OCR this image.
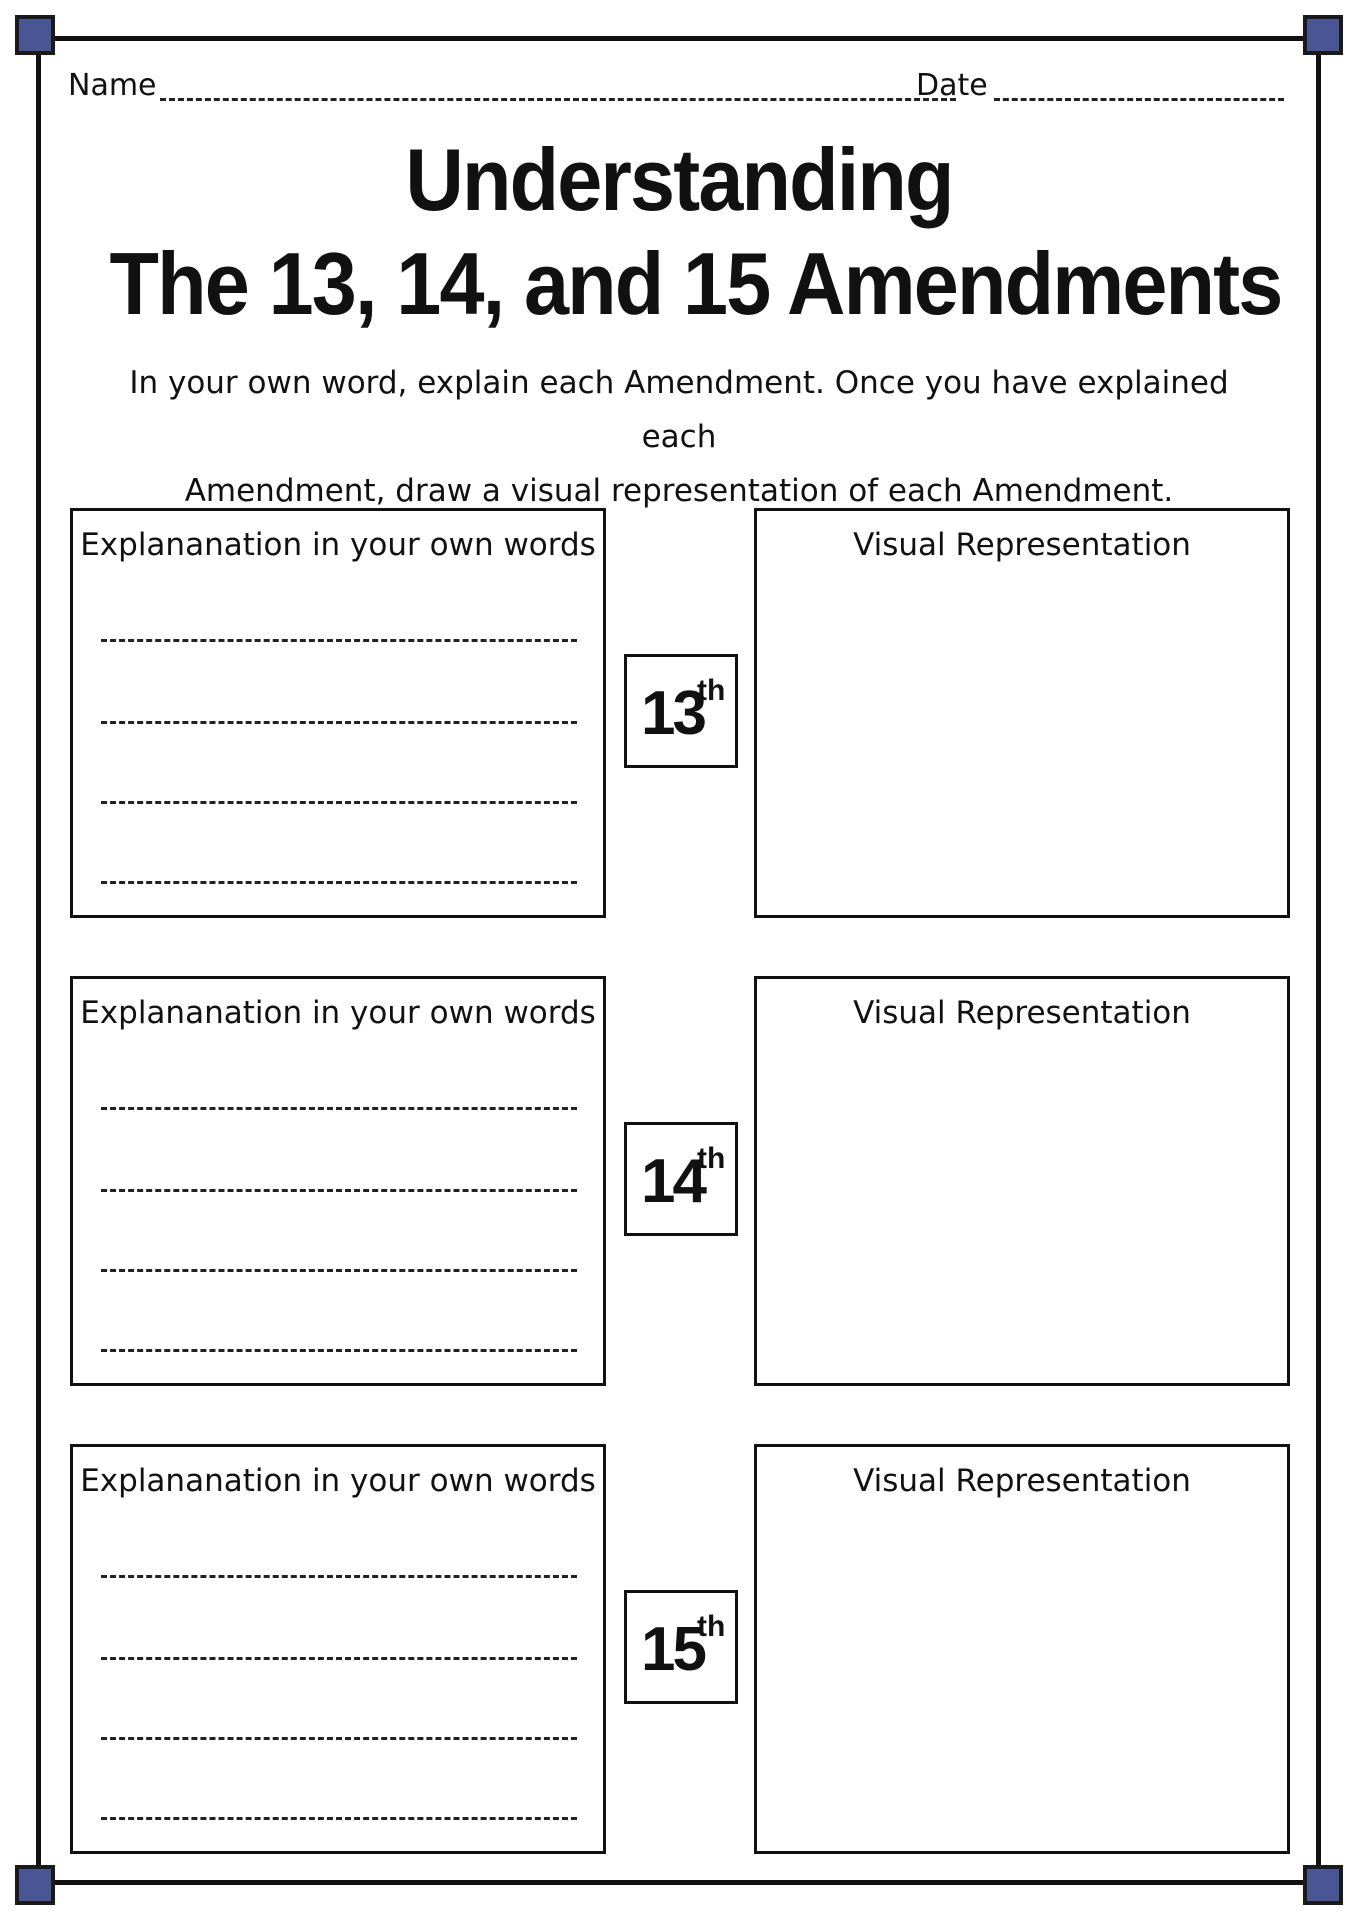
Name	Date
Understanding
The 13, 14, and 15 Amendments
In your own word, explain each Amendment. Once you have explained each
Amendment, draw a visual representation of each Amendment.
Explananation in your own words
13
th
Visual Representation
Explananation in your own words
14
th
Visual Representation
Explananation in your own words
15
th
Visual Representation
